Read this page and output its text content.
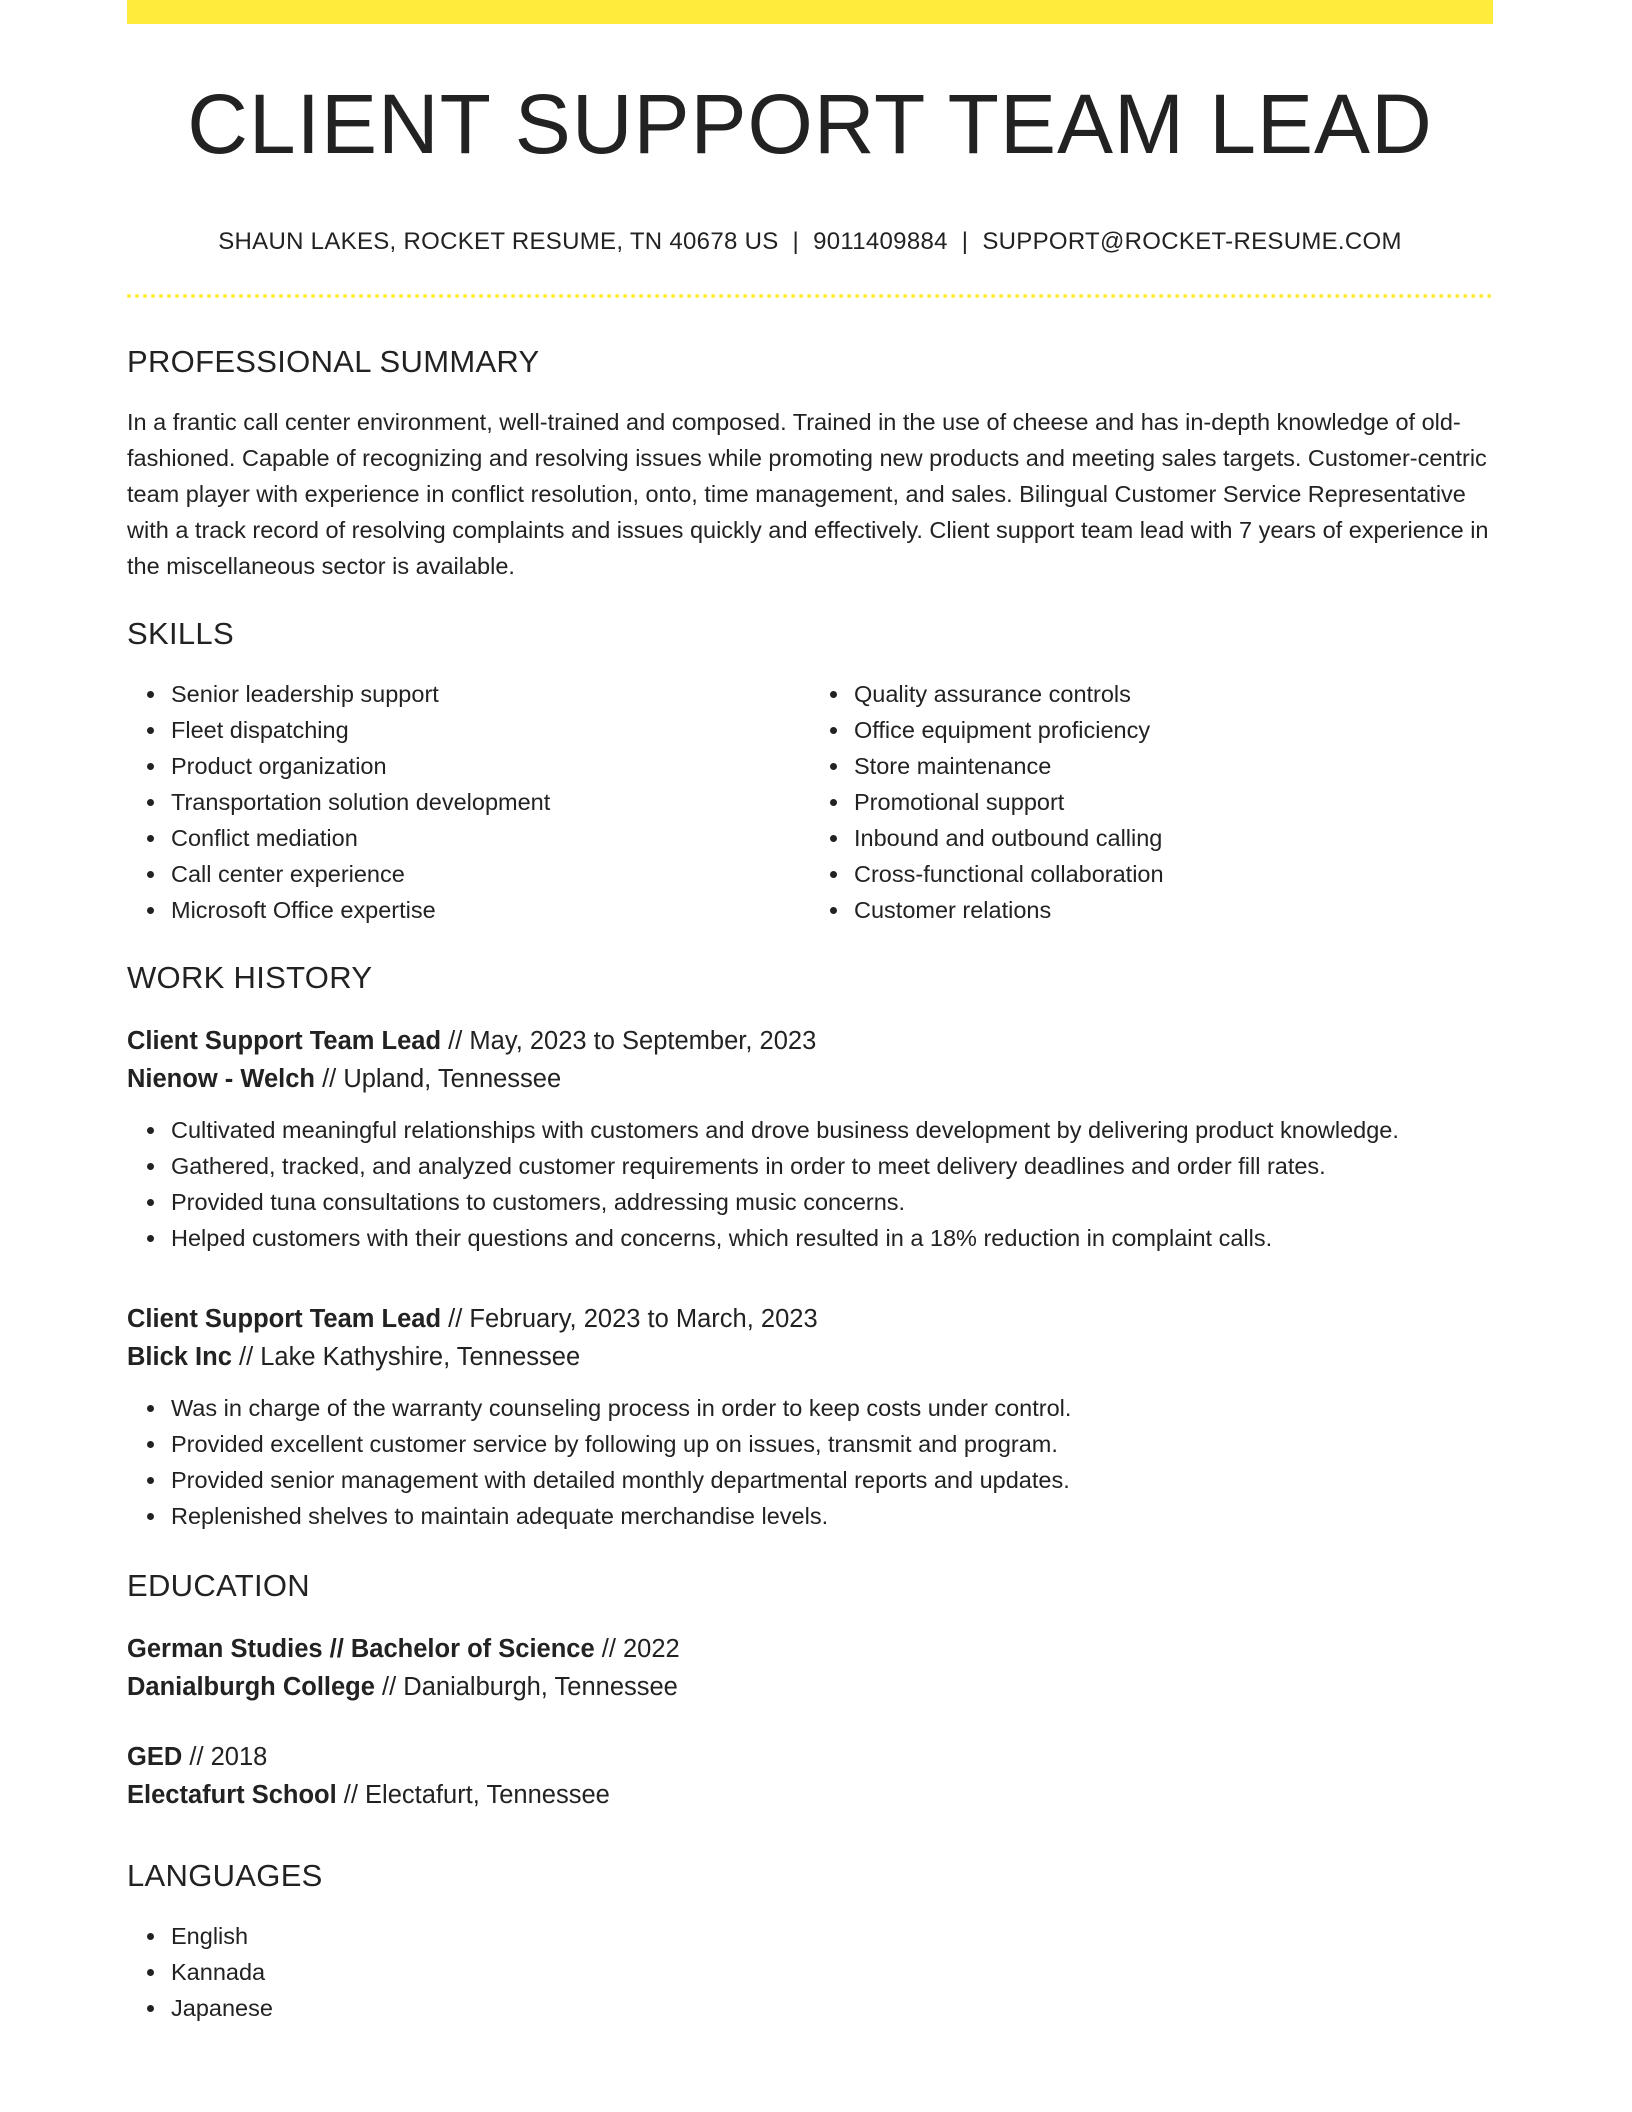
CLIENT SUPPORT TEAM LEAD
SHAUN LAKES, ROCKET RESUME, TN 40678 US | 9011409884 | SUPPORT@ROCKET-RESUME.COM
PROFESSIONAL SUMMARY

In a frantic call center environment, well-trained and composed. Trained in the use of cheese and has in-depth knowledge of old-fashioned. Capable of recognizing and resolving issues while promoting new products and meeting sales targets. Customer-centric team player with experience in conflict resolution, onto, time management, and sales. Bilingual Customer Service Representative with a track record of resolving complaints and issues quickly and effectively. Client support team lead with 7 years of experience in the miscellaneous sector is available.

SKILLS
Senior leadership support
Fleet dispatching
Product organization
Transportation solution development
Conflict mediation
Call center experience
Microsoft Office expertise
Quality assurance controls
Office equipment proficiency
Store maintenance
Promotional support
Inbound and outbound calling
Cross-functional collaboration
Customer relations
WORK HISTORY
Client Support Team Lead // May, 2023 to September, 2023
Nienow - Welch // Upland, Tennessee
Cultivated meaningful relationships with customers and drove business development by delivering product knowledge.
Gathered, tracked, and analyzed customer requirements in order to meet delivery deadlines and order fill rates.
Provided tuna consultations to customers, addressing music concerns.
Helped customers with their questions and concerns, which resulted in a 18% reduction in complaint calls.
Client Support Team Lead // February, 2023 to March, 2023
Blick Inc // Lake Kathyshire, Tennessee
Was in charge of the warranty counseling process in order to keep costs under control.
Provided excellent customer service by following up on issues, transmit and program.
Provided senior management with detailed monthly departmental reports and updates.
Replenished shelves to maintain adequate merchandise levels.
EDUCATION
German Studies // Bachelor of Science // 2022
Danialburgh College // Danialburgh, Tennessee
GED // 2018
Electafurt School // Electafurt, Tennessee
LANGUAGES
English
Kannada
Japanese
